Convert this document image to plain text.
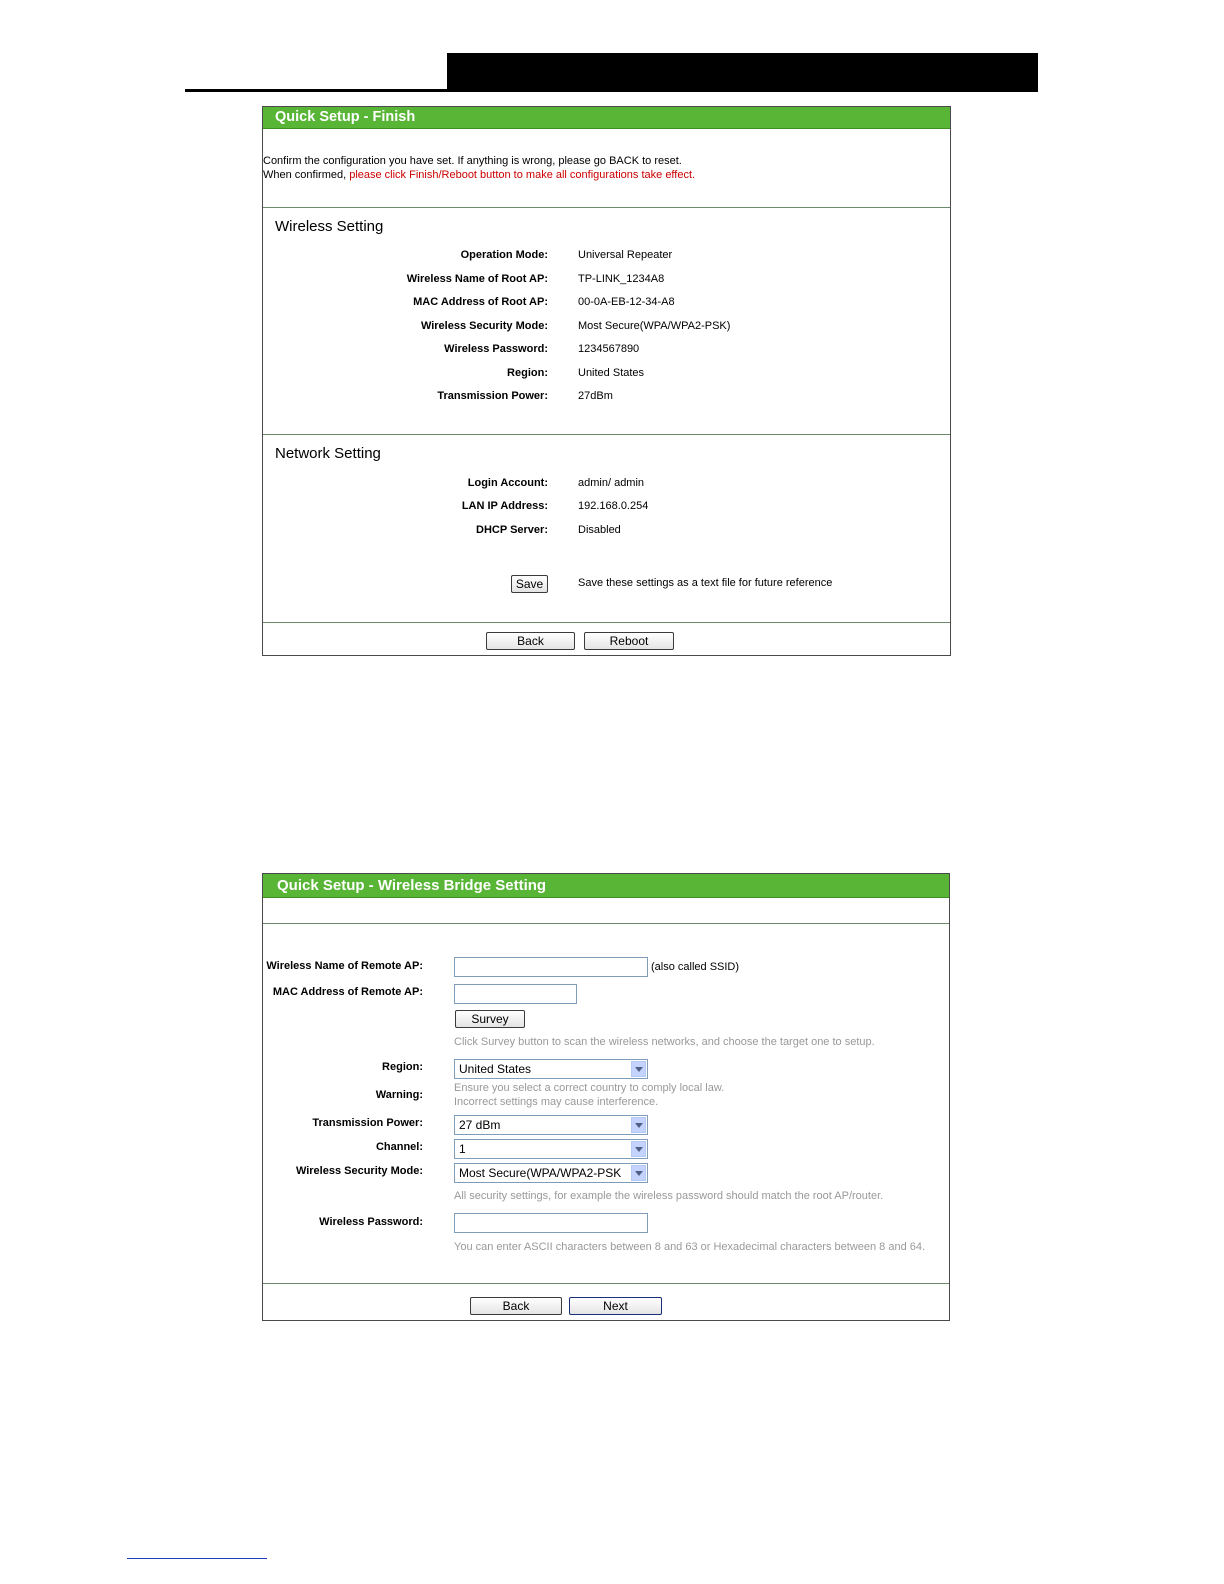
Quick Setup - Finish
Confirm the configuration you have set. If anything is wrong, please go BACK to reset.
When confirmed, please click Finish/Reboot button to make all configurations take effect.
Wireless Setting
Operation Mode:	Universal Repeater
Wireless Name of Root AP:	TP-LINK_1234A8
MAC Address of Root AP:	00-0A-EB-12-34-A8
Wireless Security Mode:	Most Secure(WPA/WPA2-PSK)
Wireless Password:	1234567890
Region:	United States
Transmission Power:	27dBm
Network Setting
Login Account:	admin/ admin
LAN IP Address:	192.168.0.254
DHCP Server:	Disabled
Save	Save these settings as a text file for future reference
Back	Reboot
Quick Setup - Wireless Bridge Setting
Wireless Name of Remote AP:	(also called SSID)
MAC Address of Remote AP:
Survey
Click Survey button to scan the wireless networks, and choose the target one to setup.
Region:	United States
Warning:
Ensure you select a correct country to comply local law.
Incorrect settings may cause interference.
Transmission Power:	27 dBm
Channel:	1
Wireless Security Mode:	Most Secure(WPA/WPA2-PSK
All security settings, for example the wireless password should match the root AP/router.
Wireless Password:
You can enter ASCII characters between 8 and 63 or Hexadecimal characters between 8 and 64.
Back	Next
